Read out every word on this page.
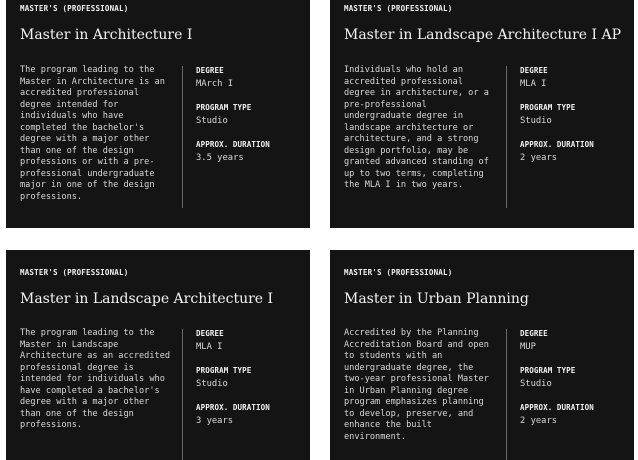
MASTER'S (PROFESSIONAL)
Master in Architecture I

The program leading to the Master in Architecture is an accredited professional degree intended for individuals who have completed the bachelor's degree with a major other than one of the design professions or with a pre-professional undergraduate major in one of the design professions.

DEGREE
MArch I
PROGRAM TYPE
Studio
APPROX. DURATION
3.5 years
MASTER'S (PROFESSIONAL)
Master in Landscape Architecture I AP

Individuals who hold an accredited professional degree in architecture, or a pre-professional undergraduate degree in landscape architecture or architecture, and a strong design portfolio, may be granted advanced standing of up to two terms, completing the MLA I in two years.

DEGREE
MLA I
PROGRAM TYPE
Studio
APPROX. DURATION
2 years
MASTER'S (PROFESSIONAL)
Master in Landscape Architecture I

The program leading to the Master in Landscape Architecture as an accredited professional degree is intended for individuals who have completed a bachelor's degree with a major other than one of the design professions.

DEGREE
MLA I
PROGRAM TYPE
Studio
APPROX. DURATION
3 years
MASTER'S (PROFESSIONAL)
Master in Urban Planning

Accredited by the Planning Accreditation Board and open to students with an undergraduate degree, the two-year professional Master in Urban Planning degree program emphasizes planning to develop, preserve, and enhance the built environment.

DEGREE
MUP
PROGRAM TYPE
Studio
APPROX. DURATION
2 years
